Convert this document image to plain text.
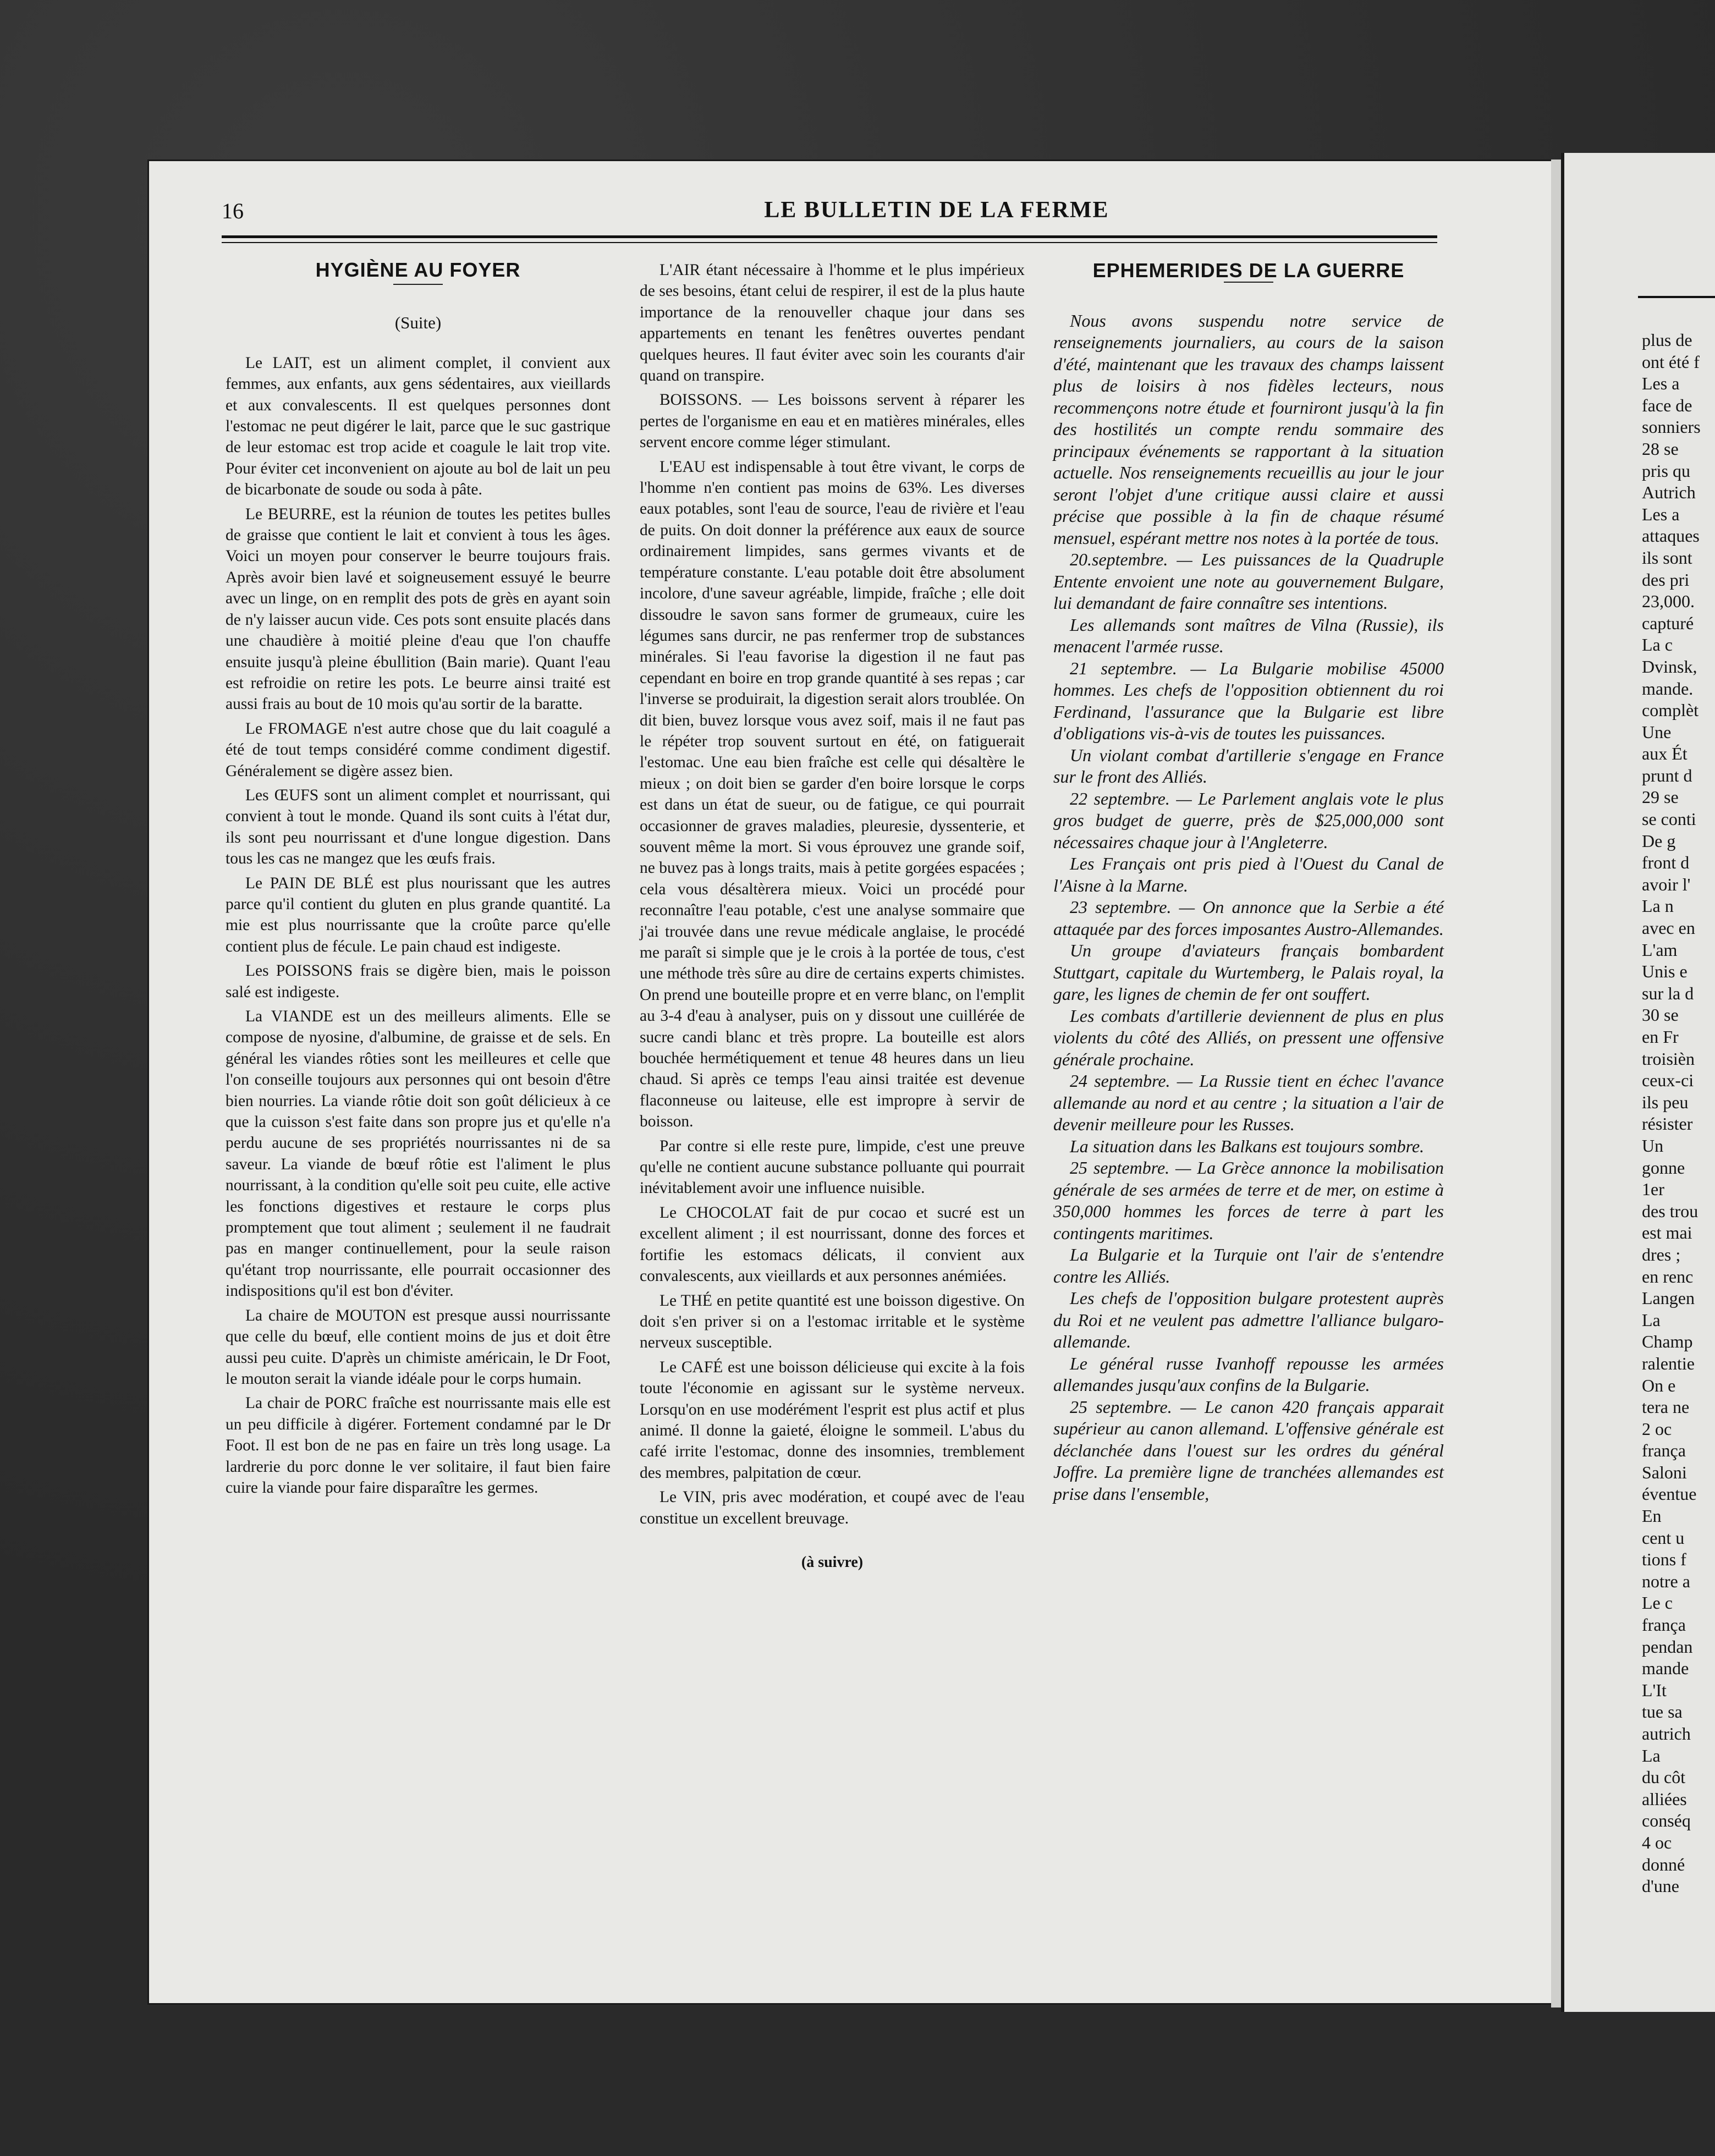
16	LE BULLETIN DE LA FERME

HYGIÈNE AU FOYER

(Suite)

Le LAIT, est un aliment complet, il convient aux femmes, aux enfants, aux gens sédentaires, aux vieillards et aux convalescents. Il est quelques personnes dont l'estomac ne peut digérer le lait, parce que le suc gastrique de leur estomac est trop acide et coagule le lait trop vite. Pour éviter cet inconvenient on ajoute au bol de lait un peu de bicarbonate de soude ou soda à pâte.

Le BEURRE, est la réunion de toutes les petites bulles de graisse que contient le lait et convient à tous les âges. Voici un moyen pour conserver le beurre toujours frais. Après avoir bien lavé et soigneusement essuyé le beurre avec un linge, on en remplit des pots de grès en ayant soin de n'y laisser aucun vide. Ces pots sont ensuite placés dans une chaudière à moitié pleine d'eau que l'on chauffe ensuite jusqu'à pleine ébullition (Bain marie). Quant l'eau est refroidie on retire les pots. Le beurre ainsi traité est aussi frais au bout de 10 mois qu'au sortir de la baratte.

Le FROMAGE n'est autre chose que du lait coagulé a été de tout temps considéré comme condiment digestif. Généralement se digère assez bien.

Les ŒUFS sont un aliment complet et nourrissant, qui convient à tout le monde. Quand ils sont cuits à l'état dur, ils sont peu nourrissant et d'une longue digestion. Dans tous les cas ne mangez que les œufs frais.

Le PAIN DE BLÉ est plus nourissant que les autres parce qu'il contient du gluten en plus grande quantité. La mie est plus nourrissante que la croûte parce qu'elle contient plus de fécule. Le pain chaud est indigeste.

Les POISSONS frais se digère bien, mais le poisson salé est indigeste.

La VIANDE est un des meilleurs aliments. Elle se compose de nyosine, d'albumine, de graisse et de sels. En général les viandes rôties sont les meilleures et celle que l'on conseille toujours aux personnes qui ont besoin d'être bien nourries. La viande rôtie doit son goût délicieux à ce que la cuisson s'est faite dans son propre jus et qu'elle n'a perdu aucune de ses propriétés nourrissantes ni de sa saveur. La viande de bœuf rôtie est l'aliment le plus nourrissant, à la condition qu'elle soit peu cuite, elle active les fonctions digestives et restaure le corps plus promptement que tout aliment ; seulement il ne faudrait pas en manger continuellement, pour la seule raison qu'étant trop nourrissante, elle pourrait occasionner des indispositions qu'il est bon d'éviter.

La chaire de MOUTON est presque aussi nourrissante que celle du bœuf, elle contient moins de jus et doit être aussi peu cuite. D'après un chimiste américain, le Dr Foot, le mouton serait la viande idéale pour le corps humain.

La chair de PORC fraîche est nourrissante mais elle est un peu difficile à digérer. Fortement condamné par le Dr Foot. Il est bon de ne pas en faire un très long usage. La lardrerie du porc donne le ver solitaire, il faut bien faire cuire la viande pour faire disparaître les germes.

L'AIR étant nécessaire à l'homme et le plus impérieux de ses besoins, étant celui de respirer, il est de la plus haute importance de la renouveller chaque jour dans ses appartements en tenant les fenêtres ouvertes pendant quelques heures. Il faut éviter avec soin les courants d'air quand on transpire.

BOISSONS. — Les boissons servent à réparer les pertes de l'organisme en eau et en matières minérales, elles servent encore comme léger stimulant.

L'EAU est indispensable à tout être vivant, le corps de l'homme n'en contient pas moins de 63%. Les diverses eaux potables, sont l'eau de source, l'eau de rivière et l'eau de puits. On doit donner la préférence aux eaux de source ordinairement limpides, sans germes vivants et de température constante. L'eau potable doit être absolument incolore, d'une saveur agréable, limpide, fraîche ; elle doit dissoudre le savon sans former de grumeaux, cuire les légumes sans durcir, ne pas renfermer trop de substances minérales. Si l'eau favorise la digestion il ne faut pas cependant en boire en trop grande quantité à ses repas ; car l'inverse se produirait, la digestion serait alors troublée. On dit bien, buvez lorsque vous avez soif, mais il ne faut pas le répéter trop souvent surtout en été, on fatiguerait l'estomac. Une eau bien fraîche est celle qui désaltère le mieux ; on doit bien se garder d'en boire lorsque le corps est dans un état de sueur, ou de fatigue, ce qui pourrait occasionner de graves maladies, pleuresie, dyssenterie, et souvent même la mort. Si vous éprouvez une grande soif, ne buvez pas à longs traits, mais à petite gorgées espacées ; cela vous désaltèrera mieux. Voici un procédé pour reconnaître l'eau potable, c'est une analyse sommaire que j'ai trouvée dans une revue médicale anglaise, le procédé me paraît si simple que je le crois à la portée de tous, c'est une méthode très sûre au dire de certains experts chimistes. On prend une bouteille propre et en verre blanc, on l'emplit au 3-4 d'eau à analyser, puis on y dissout une cuillérée de sucre candi blanc et très propre. La bouteille est alors bouchée hermétiquement et tenue 48 heures dans un lieu chaud. Si après ce temps l'eau ainsi traitée est devenue flaconneuse ou laiteuse, elle est impropre à servir de boisson.

Par contre si elle reste pure, limpide, c'est une preuve qu'elle ne contient aucune substance polluante qui pourrait inévitablement avoir une influence nuisible.

Le CHOCOLAT fait de pur cocao et sucré est un excellent aliment ; il est nourrissant, donne des forces et fortifie les estomacs délicats, il convient aux convalescents, aux vieillards et aux personnes anémiées.

Le THÉ en petite quantité est une boisson digestive. On doit s'en priver si on a l'estomac irritable et le système nerveux susceptible.

Le CAFÉ est une boisson délicieuse qui excite à la fois toute l'économie en agissant sur le système nerveux. Lorsqu'on en use modérément l'esprit est plus actif et plus animé. Il donne la gaieté, éloigne le sommeil. L'abus du café irrite l'estomac, donne des insomnies, tremblement des membres, palpitation de cœur.

Le VIN, pris avec modération, et coupé avec de l'eau constitue un excellent breuvage.

(à suivre)

EPHEMERIDES DE LA GUERRE

Nous avons suspendu notre service de renseignements journaliers, au cours de la saison d'été, maintenant que les travaux des champs laissent plus de loisirs à nos fidèles lecteurs, nous recommençons notre étude et fourniront jusqu'à la fin des hostilités un compte rendu sommaire des principaux événements se rapportant à la situation actuelle. Nos renseignements recueillis au jour le jour seront l'objet d'une critique aussi claire et aussi précise que possible à la fin de chaque résumé mensuel, espérant mettre nos notes à la portée de tous.

20.septembre. — Les puissances de la Quadruple Entente envoient une note au gouvernement Bulgare, lui demandant de faire connaître ses intentions.

Les allemands sont maîtres de Vilna (Russie), ils menacent l'armée russe.

21 septembre. — La Bulgarie mobilise 45000 hommes. Les chefs de l'opposition obtiennent du roi Ferdinand, l'assurance que la Bulgarie est libre d'obligations vis-à-vis de toutes les puissances.

Un violant combat d'artillerie s'engage en France sur le front des Alliés.

22 septembre. — Le Parlement anglais vote le plus gros budget de guerre, près de $25,000,000 sont nécessaires chaque jour à l'Angleterre.

Les Français ont pris pied à l'Ouest du Canal de l'Aisne à la Marne.

23 septembre. — On annonce que la Serbie a été attaquée par des forces imposantes Austro-Allemandes.

Un groupe d'aviateurs français bombardent Stuttgart, capitale du Wurtemberg, le Palais royal, la gare, les lignes de chemin de fer ont souffert.

Les combats d'artillerie deviennent de plus en plus violents du côté des Alliés, on pressent une offensive générale prochaine.

24 septembre. — La Russie tient en échec l'avance allemande au nord et au centre ; la situation a l'air de devenir meilleure pour les Russes.

La situation dans les Balkans est toujours sombre.

25 septembre. — La Grèce annonce la mobilisation générale de ses armées de terre et de mer, on estime à 350,000 hommes les forces de terre à part les contingents maritimes.

La Bulgarie et la Turquie ont l'air de s'entendre contre les Alliés.

Les chefs de l'opposition bulgare protestent auprès du Roi et ne veulent pas admettre l'alliance bulgaro-allemande.

Le général russe Ivanhoff repousse les armées allemandes jusqu'aux confins de la Bulgarie.

25 septembre. — Le canon 420 français apparait supérieur au canon allemand. L'offensive générale est déclanchée dans l'ouest sur les ordres du général Joffre. La première ligne de tranchées allemandes est prise dans l'ensemble,

plus de
ont été f
Les a
face de
sonniers
28 se
pris qu
Autrich
Les a
attaques
ils sont
des pri
23,000.
capturé
La c
Dvinsk,
mande.
complèt
Une
aux Ét
prunt d
29 se
se conti
De g
front d
avoir l'
La n
avec en
L'am
Unis e
sur la d
30 se
en Fr
troisièn
ceux-ci
ils peu
résister
Un
gonne
1er
des trou
est mai
dres ;
en renc
Langen
La
Champ
ralentie
On e
tera ne
2 oc
frança
Saloni
éventue
En
cent u
tions f
notre a
Le c
frança
pendan
mande
L'It
tue sa
autrich
La
du côt
alliées
conséq
4 oc
donné
d'une
